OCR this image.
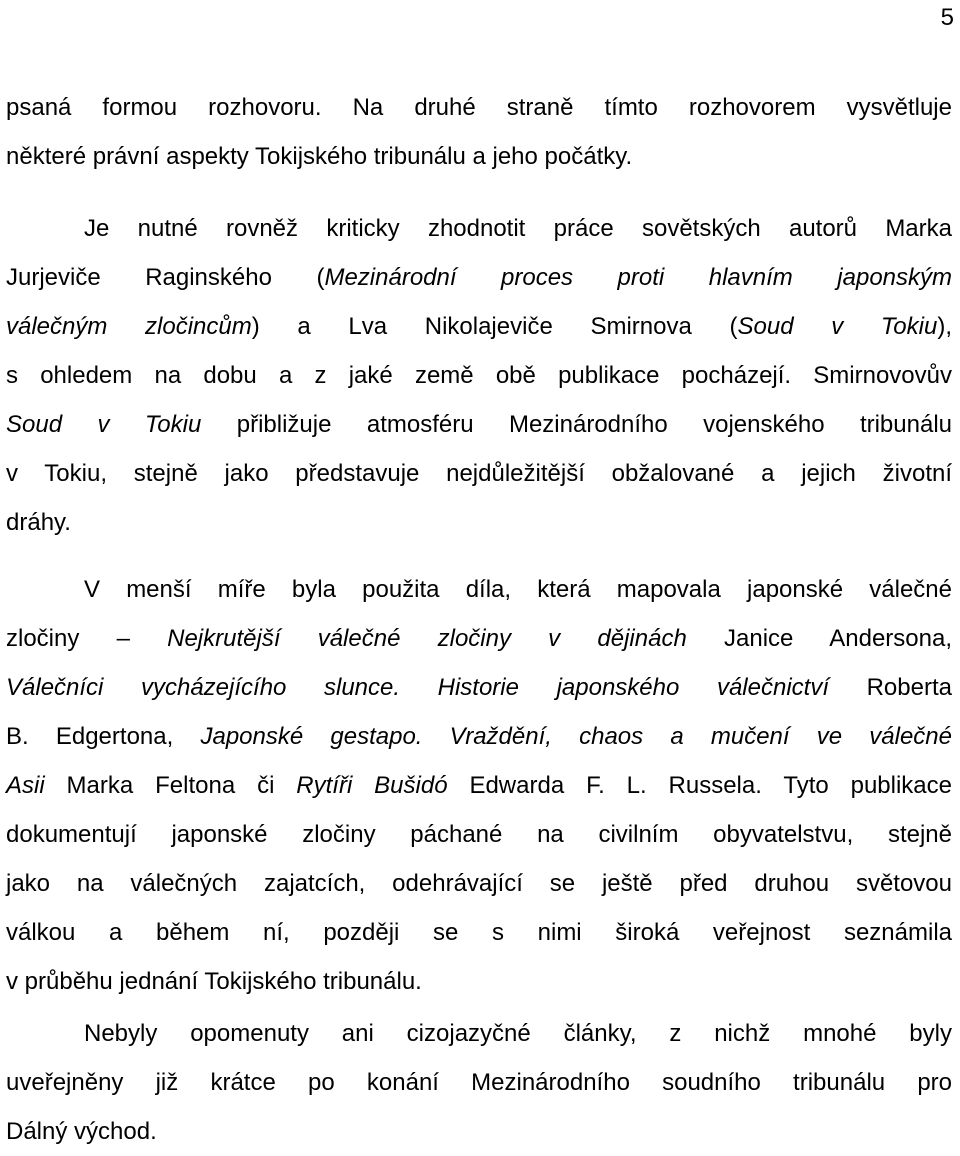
5
psaná formou rozhovoru. Na druhé straně tímto rozhovorem vysvětluje
některé právní aspekty Tokijského tribunálu a jeho počátky.
Je nutné rovněž kriticky zhodnotit práce sovětských autorů Marka
Jurjeviče Raginského (Mezinárodní proces proti hlavním japonským
válečným zločincům) a Lva Nikolajeviče Smirnova (Soud v Tokiu),
s ohledem na dobu a z jaké země obě publikace pocházejí. Smirnovovův
Soud v Tokiu přibližuje atmosféru Mezinárodního vojenského tribunálu
v Tokiu, stejně jako představuje nejdůležitější obžalované a jejich životní
dráhy.
V menší míře byla použita díla, která mapovala japonské válečné
zločiny – Nejkrutější válečné zločiny v dějinách Janice Andersona,
Válečníci vycházejícího slunce. Historie japonského válečnictví Roberta
B. Edgertona, Japonské gestapo. Vraždění, chaos a mučení ve válečné
Asii Marka Feltona či Rytíři Bušidó Edwarda F. L. Russela. Tyto publikace
dokumentují japonské zločiny páchané na civilním obyvatelstvu, stejně
jako na válečných zajatcích, odehrávající se ještě před druhou světovou
válkou a během ní, později se s nimi široká veřejnost seznámila
v průběhu jednání Tokijského tribunálu.
Nebyly opomenuty ani cizojazyčné články, z nichž mnohé byly
uveřejněny již krátce po konání Mezinárodního soudního tribunálu pro
Dálný východ.
